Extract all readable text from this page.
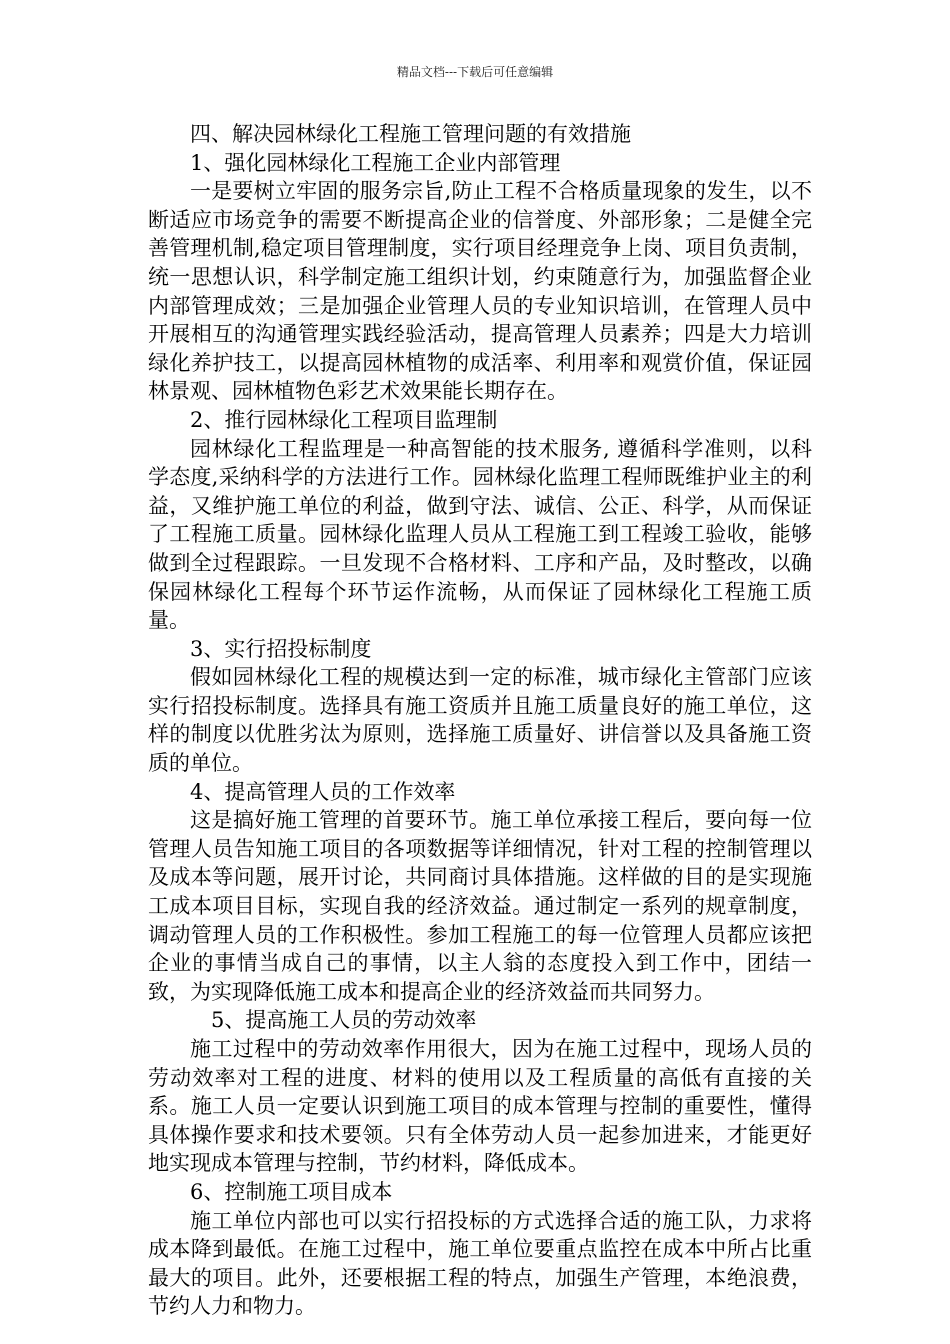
精品文档---下载后可任意编辑

四、解决园林绿化工程施工管理问题的有效措施

1、强化园林绿化工程施工企业内部管理

一是要树立牢固的服务宗旨,防止工程不合格质量现象的发生，以不断适应市场竞争的需要不断提高企业的信誉度、外部形象；二是健全完善管理机制,稳定项目管理制度，实行项目经理竞争上岗、项目负责制，统一思想认识，科学制定施工组织计划，约束随意行为，加强监督企业内部管理成效；三是加强企业管理人员的专业知识培训，在管理人员中开展相互的沟通管理实践经验活动，提高管理人员素养；四是大力培训绿化养护技工，以提高园林植物的成活率、利用率和观赏价值，保证园林景观、园林植物色彩艺术效果能长期存在。

2、推行园林绿化工程项目监理制

园林绿化工程监理是一种高智能的技术服务, 遵循科学准则，以科学态度,采纳科学的方法进行工作。园林绿化监理工程师既维护业主的利益，又维护施工单位的利益，做到守法、诚信、公正、科学，从而保证了工程施工质量。园林绿化监理人员从工程施工到工程竣工验收，能够做到全过程跟踪。一旦发现不合格材料、工序和产品，及时整改，以确保园林绿化工程每个环节运作流畅，从而保证了园林绿化工程施工质量。

3、实行招投标制度

假如园林绿化工程的规模达到一定的标准，城市绿化主管部门应该实行招投标制度。选择具有施工资质并且施工质量良好的施工单位，这样的制度以优胜劣汰为原则，选择施工质量好、讲信誉以及具备施工资质的单位。

4、提高管理人员的工作效率

这是搞好施工管理的首要环节。施工单位承接工程后，要向每一位管理人员告知施工项目的各项数据等详细情况，针对工程的控制管理以及成本等问题，展开讨论，共同商讨具体措施。这样做的目的是实现施工成本项目目标，实现自我的经济效益。通过制定一系列的规章制度，调动管理人员的工作积极性。参加工程施工的每一位管理人员都应该把企业的事情当成自己的事情，以主人翁的态度投入到工作中，团结一致，为实现降低施工成本和提高企业的经济效益而共同努力。

5、提高施工人员的劳动效率

施工过程中的劳动效率作用很大，因为在施工过程中，现场人员的劳动效率对工程的进度、材料的使用以及工程质量的高低有直接的关系。施工人员一定要认识到施工项目的成本管理与控制的重要性，懂得具体操作要求和技术要领。只有全体劳动人员一起参加进来，才能更好地实现成本管理与控制，节约材料，降低成本。

6、控制施工项目成本

施工单位内部也可以实行招投标的方式选择合适的施工队，力求将成本降到最低。在施工过程中，施工单位要重点监控在成本中所占比重最大的项目。此外，还要根据工程的特点，加强生产管理，本绝浪费，节约人力和物力。
